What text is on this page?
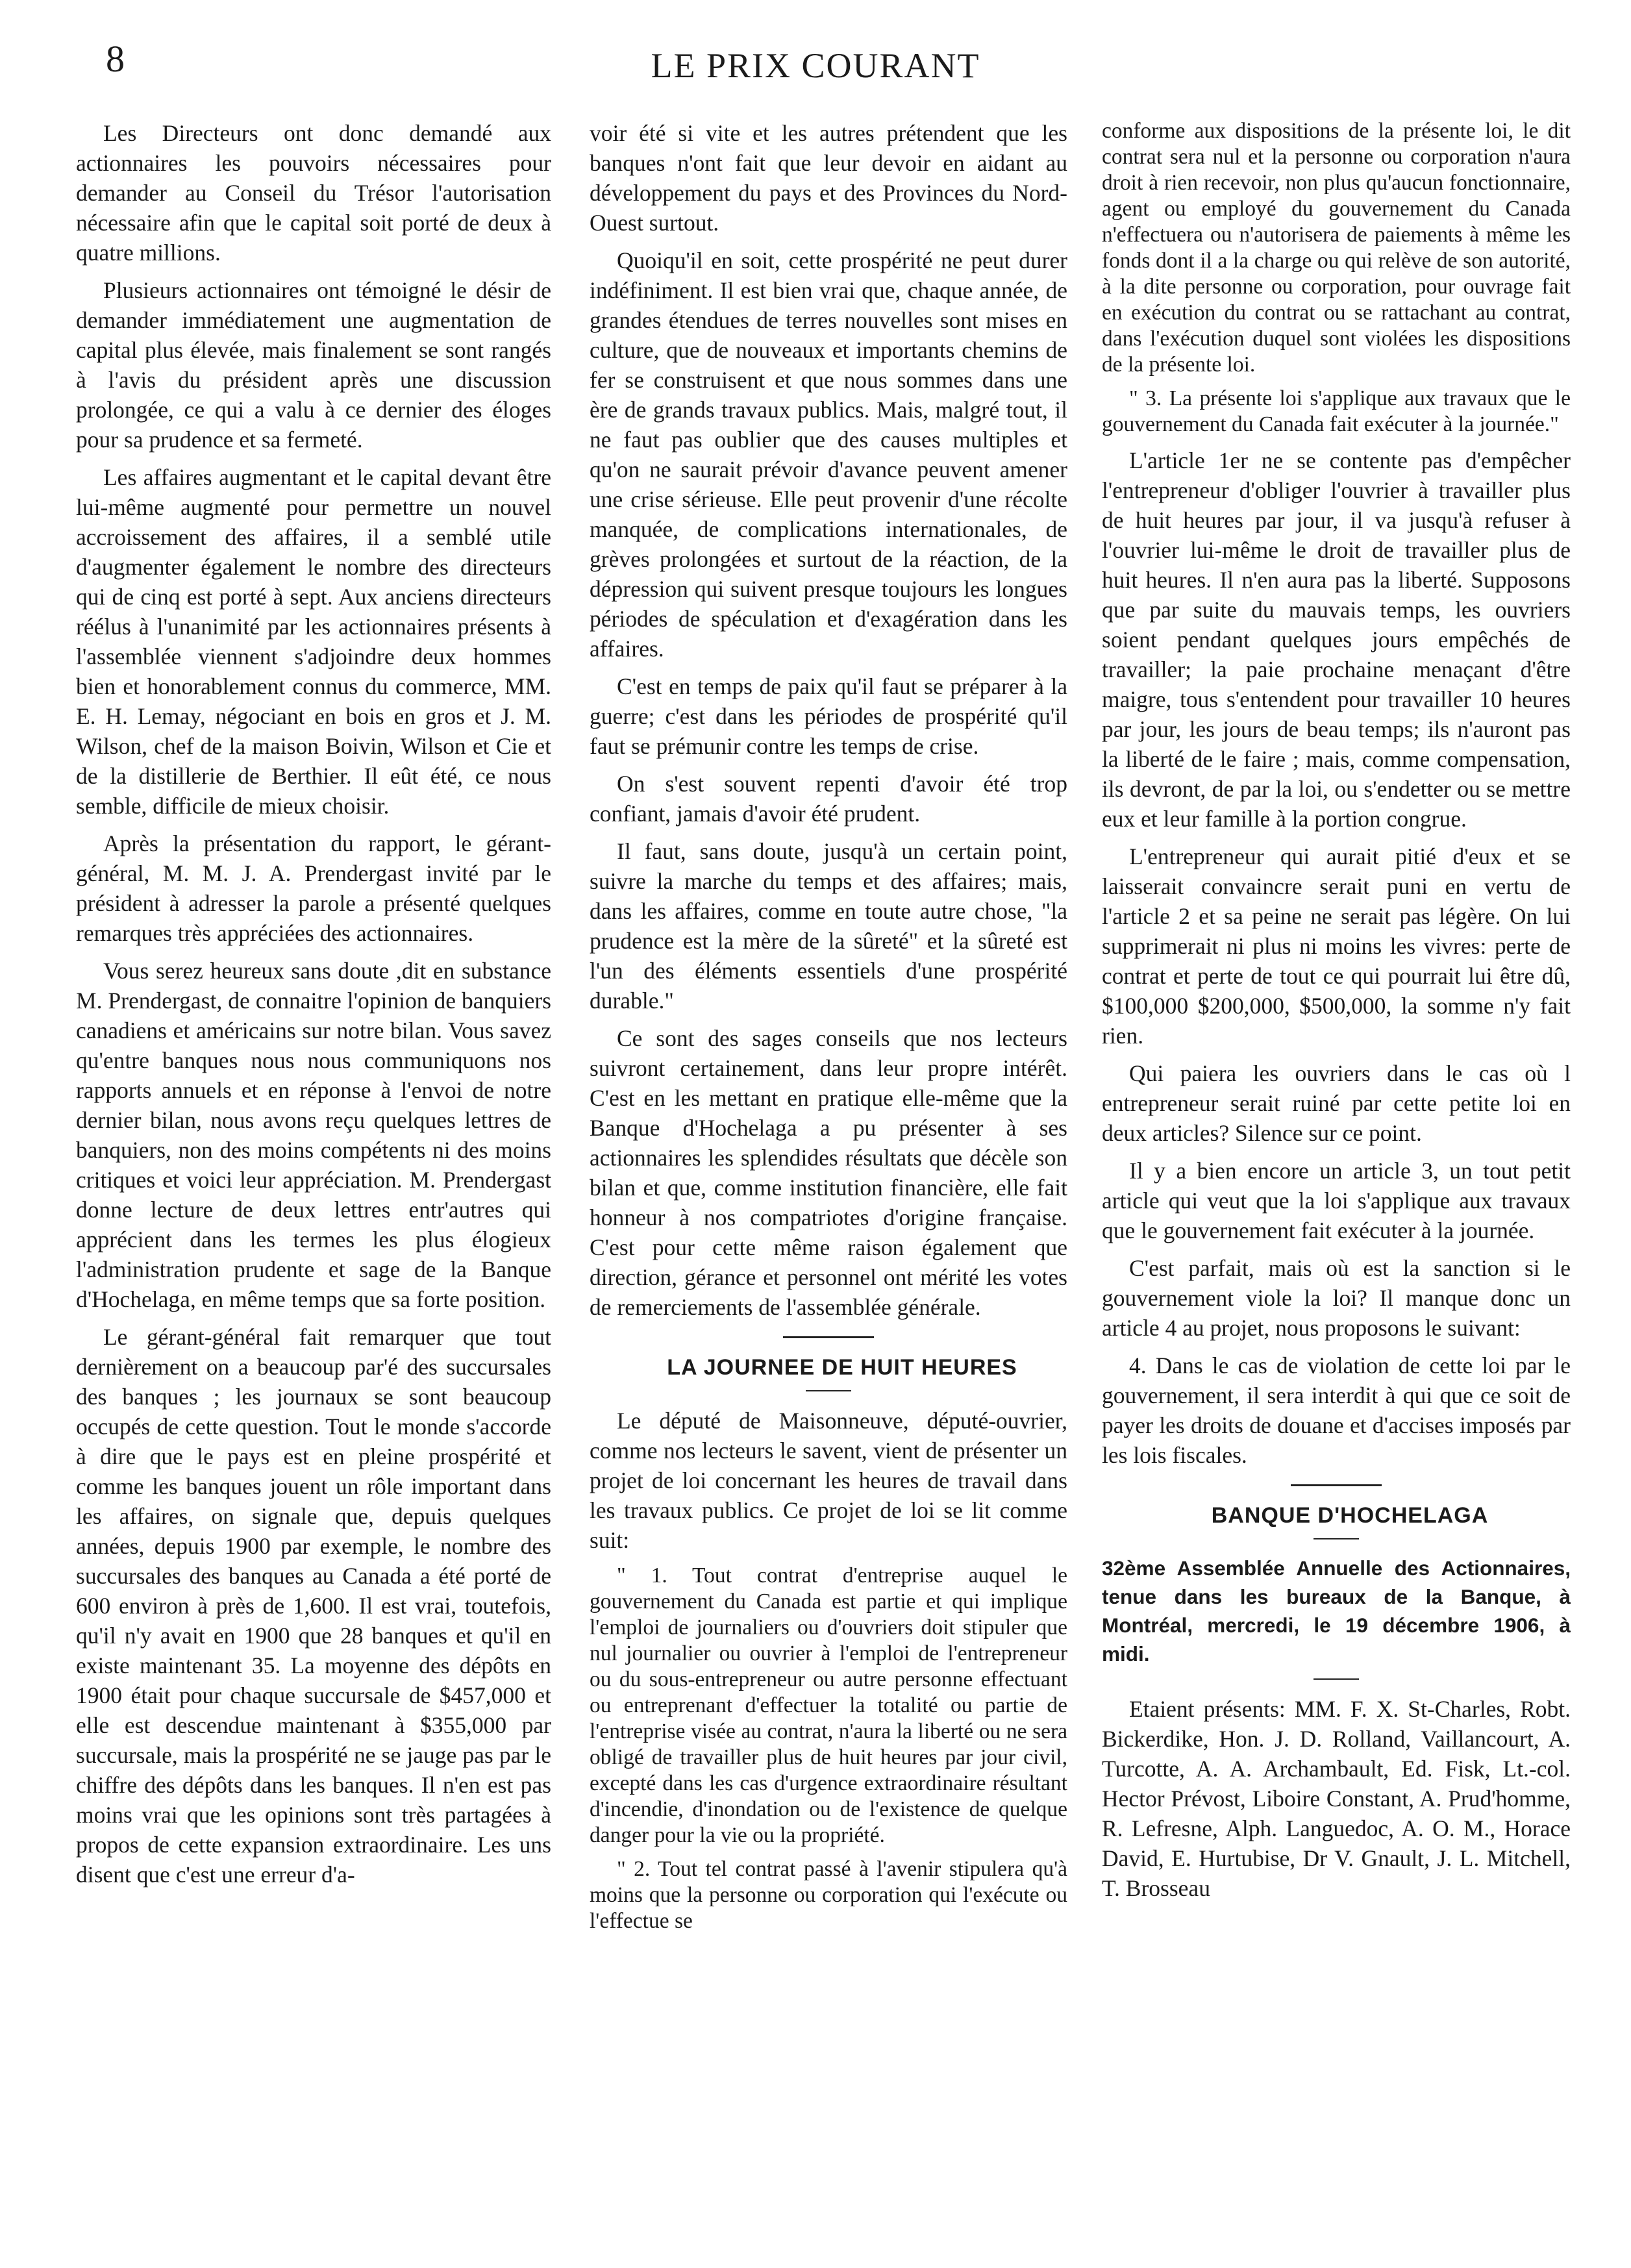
8	LE PRIX COURANT

Les Directeurs ont donc demandé aux actionnaires les pouvoirs nécessaires pour demander au Conseil du Trésor l'autorisation nécessaire afin que le capital soit porté de deux à quatre millions.

Plusieurs actionnaires ont témoigné le désir de demander immédiatement une augmentation de capital plus élevée, mais finalement se sont rangés à l'avis du président après une discussion prolongée, ce qui a valu à ce dernier des éloges pour sa prudence et sa fermeté.

Les affaires augmentant et le capital devant être lui-même augmenté pour permettre un nouvel accroissement des affaires, il a semblé utile d'augmenter également le nombre des directeurs qui de cinq est porté à sept. Aux anciens directeurs réélus à l'unanimité par les actionnaires présents à l'assemblée viennent s'adjoindre deux hommes bien et honorablement connus du commerce, MM. E. H. Lemay, négociant en bois en gros et J. M. Wilson, chef de la maison Boivin, Wilson et Cie et de la distillerie de Berthier. Il eût été, ce nous semble, difficile de mieux choisir.

Après la présentation du rapport, le gérant-général, M. M. J. A. Prendergast invité par le président à adresser la parole a présenté quelques remarques très appréciées des actionnaires.

Vous serez heureux sans doute ,dit en substance M. Prendergast, de connaitre l'opinion de banquiers canadiens et américains sur notre bilan. Vous savez qu'entre banques nous nous communiquons nos rapports annuels et en réponse à l'envoi de notre dernier bilan, nous avons reçu quelques lettres de banquiers, non des moins compétents ni des moins critiques et voici leur appréciation. M. Prendergast donne lecture de deux lettres entr'autres qui apprécient dans les termes les plus élogieux l'administration prudente et sage de la Banque d'Hochelaga, en même temps que sa forte position.

Le gérant-général fait remarquer que tout dernièrement on a beaucoup par'é des succursales des banques ; les journaux se sont beaucoup occupés de cette question. Tout le monde s'accorde à dire que le pays est en pleine prospérité et comme les banques jouent un rôle important dans les affaires, on signale que, depuis quelques années, depuis 1900 par exemple, le nombre des succursales des banques au Canada a été porté de 600 environ à près de 1,600. Il est vrai, toutefois, qu'il n'y avait en 1900 que 28 banques et qu'il en existe maintenant 35. La moyenne des dépôts en 1900 était pour chaque succursale de $457,000 et elle est descendue maintenant à $355,000 par succursale, mais la prospérité ne se jauge pas par le chiffre des dépôts dans les banques. Il n'en est pas moins vrai que les opinions sont très partagées à propos de cette expansion extraordinaire. Les uns disent que c'est une erreur d'a-

voir été si vite et les autres prétendent que les banques n'ont fait que leur devoir en aidant au développement du pays et des Provinces du Nord-Ouest surtout.

Quoiqu'il en soit, cette prospérité ne peut durer indéfiniment. Il est bien vrai que, chaque année, de grandes étendues de terres nouvelles sont mises en culture, que de nouveaux et importants chemins de fer se construisent et que nous sommes dans une ère de grands travaux publics. Mais, malgré tout, il ne faut pas oublier que des causes multiples et qu'on ne saurait prévoir d'avance peuvent amener une crise sérieuse. Elle peut provenir d'une récolte manquée, de complications internationales, de grèves prolongées et surtout de la réaction, de la dépression qui suivent presque toujours les longues périodes de spéculation et d'exagération dans les affaires.

C'est en temps de paix qu'il faut se préparer à la guerre; c'est dans les périodes de prospérité qu'il faut se prémunir contre les temps de crise.

On s'est souvent repenti d'avoir été trop confiant, jamais d'avoir été prudent.

Il faut, sans doute, jusqu'à un certain point, suivre la marche du temps et des affaires; mais, dans les affaires, comme en toute autre chose, "la prudence est la mère de la sûreté" et la sûreté est l'un des éléments essentiels d'une prospérité durable."

Ce sont des sages conseils que nos lecteurs suivront certainement, dans leur propre intérêt. C'est en les mettant en pratique elle-même que la Banque d'Hochelaga a pu présenter à ses actionnaires les splendides résultats que décèle son bilan et que, comme institution financière, elle fait honneur à nos compatriotes d'origine française. C'est pour cette même raison également que direction, gérance et personnel ont mérité les votes de remerciements de l'assemblée générale.

LA JOURNEE DE HUIT HEURES

Le député de Maisonneuve, député-ouvrier, comme nos lecteurs le savent, vient de présenter un projet de loi concernant les heures de travail dans les travaux publics. Ce projet de loi se lit comme suit:

" 1. Tout contrat d'entreprise auquel le gouvernement du Canada est partie et qui implique l'emploi de journaliers ou d'ouvriers doit stipuler que nul journalier ou ouvrier à l'emploi de l'entrepreneur ou du sous-entrepreneur ou autre personne effectuant ou entreprenant d'effectuer la totalité ou partie de l'entreprise visée au contrat, n'aura la liberté ou ne sera obligé de travailler plus de huit heures par jour civil, excepté dans les cas d'urgence extraordinaire résultant d'incendie, d'inondation ou de l'existence de quelque danger pour la vie ou la propriété.

" 2. Tout tel contrat passé à l'avenir stipulera qu'à moins que la personne ou corporation qui l'exécute ou l'effectue se

conforme aux dispositions de la présente loi, le dit contrat sera nul et la personne ou corporation n'aura droit à rien recevoir, non plus qu'aucun fonctionnaire, agent ou employé du gouvernement du Canada n'effectuera ou n'autorisera de paiements à même les fonds dont il a la charge ou qui relève de son autorité, à la dite personne ou corporation, pour ouvrage fait en exécution du contrat ou se rattachant au contrat, dans l'exécution duquel sont violées les dispositions de la présente loi.

" 3. La présente loi s'applique aux travaux que le gouvernement du Canada fait exécuter à la journée."

L'article 1er ne se contente pas d'empêcher l'entrepreneur d'obliger l'ouvrier à travailler plus de huit heures par jour, il va jusqu'à refuser à l'ouvrier lui-même le droit de travailler plus de huit heures. Il n'en aura pas la liberté. Supposons que par suite du mauvais temps, les ouvriers soient pendant quelques jours empêchés de travailler; la paie prochaine menaçant d'être maigre, tous s'entendent pour travailler 10 heures par jour, les jours de beau temps; ils n'auront pas la liberté de le faire ; mais, comme compensation, ils devront, de par la loi, ou s'endetter ou se mettre eux et leur famille à la portion congrue.

L'entrepreneur qui aurait pitié d'eux et se laisserait convaincre serait puni en vertu de l'article 2 et sa peine ne serait pas légère. On lui supprimerait ni plus ni moins les vivres: perte de contrat et perte de tout ce qui pourrait lui être dû, $100,000 $200,000, $500,000, la somme n'y fait rien.

Qui paiera les ouvriers dans le cas où l entrepreneur serait ruiné par cette petite loi en deux articles? Silence sur ce point.

Il y a bien encore un article 3, un tout petit article qui veut que la loi s'applique aux travaux que le gouvernement fait exécuter à la journée.

C'est parfait, mais où est la sanction si le gouvernement viole la loi? Il manque donc un article 4 au projet, nous proposons le suivant:

4. Dans le cas de violation de cette loi par le gouvernement, il sera interdit à qui que ce soit de payer les droits de douane et d'accises imposés par les lois fiscales.

BANQUE D'HOCHELAGA

32ème Assemblée Annuelle des Actionnaires, tenue dans les bureaux de la Banque, à Montréal, mercredi, le 19 décembre 1906, à midi.

Etaient présents: MM. F. X. St-Charles, Robt. Bickerdike, Hon. J. D. Rolland, Vaillancourt, A. Turcotte, A. A. Archambault, Ed. Fisk, Lt.-col. Hector Prévost, Liboire Constant, A. Prud'homme, R. Lefresne, Alph. Languedoc, A. O. M., Horace David, E. Hurtubise, Dr V. Gnault, J. L. Mitchell, T. Brosseau
